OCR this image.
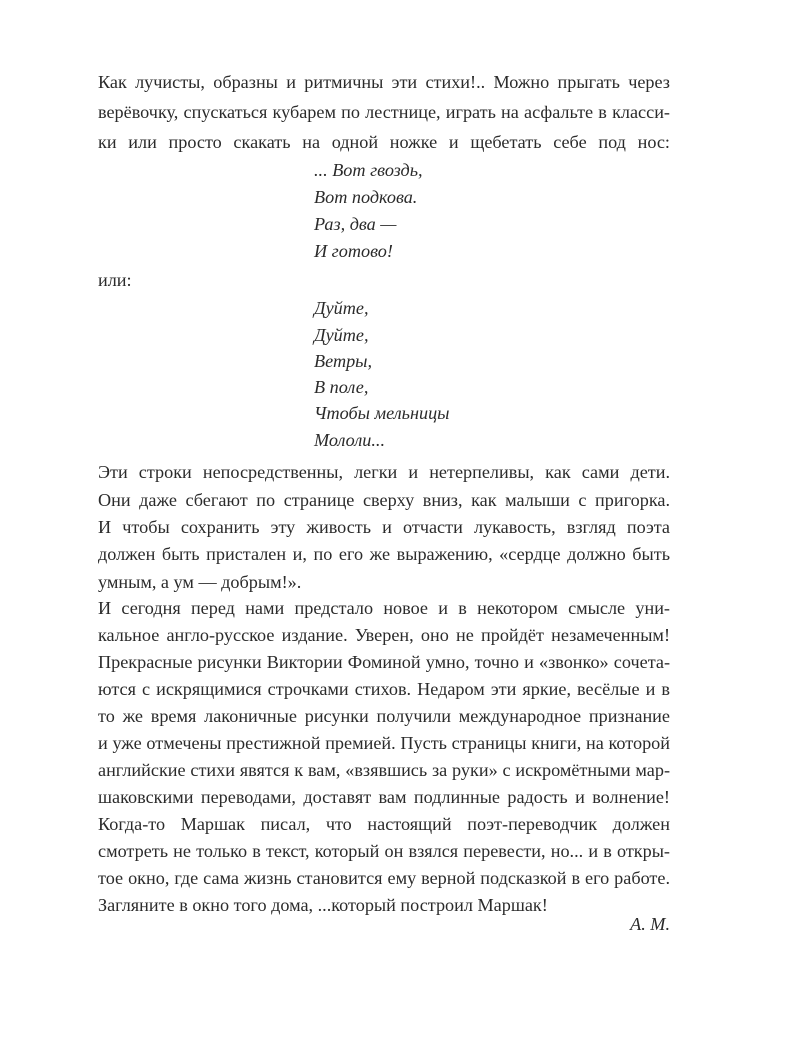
Как лучисты, образны и ритмичны эти стихи!.. Можно прыгать через
верёвочку, спускаться кубарем по лестнице, играть на асфальте в класси-
ки или просто скакать на одной ножке и щебетать себе под нос:
... Вот гвоздь,
Вот подкова.
Раз, два —
И готово!
или:
Дуйте,
Дуйте,
Ветры,
В поле,
Чтобы мельницы
Мололи...
Эти строки непосредственны, легки и нетерпеливы, как сами дети.
Они даже сбегают по странице сверху вниз, как малыши с пригорка.
И чтобы сохранить эту живость и отчасти лукавость, взгляд поэта
должен быть пристален и, по его же выражению, «сердце должно быть
умным, а ум — добрым!».
И сегодня перед нами предстало новое и в некотором смысле уни-
кальное англо-русское издание. Уверен, оно не пройдёт незамеченным!
Прекрасные рисунки Виктории Фоминой умно, точно и «звонко» сочета-
ются с искрящимися строчками стихов. Недаром эти яркие, весёлые и в
то же время лаконичные рисунки получили международное признание
и уже отмечены престижной премией. Пусть страницы книги, на которой
английские стихи явятся к вам, «взявшись за руки» с искромётными мар-
шаковскими переводами, доставят вам подлинные радость и волнение!
Когда-то Маршак писал, что настоящий поэт-переводчик должен
смотреть не только в текст, который он взялся перевести, но... и в откры-
тое окно, где сама жизнь становится ему верной подсказкой в его работе.
Загляните в окно того дома, ...который построил Маршак!
А. М.
